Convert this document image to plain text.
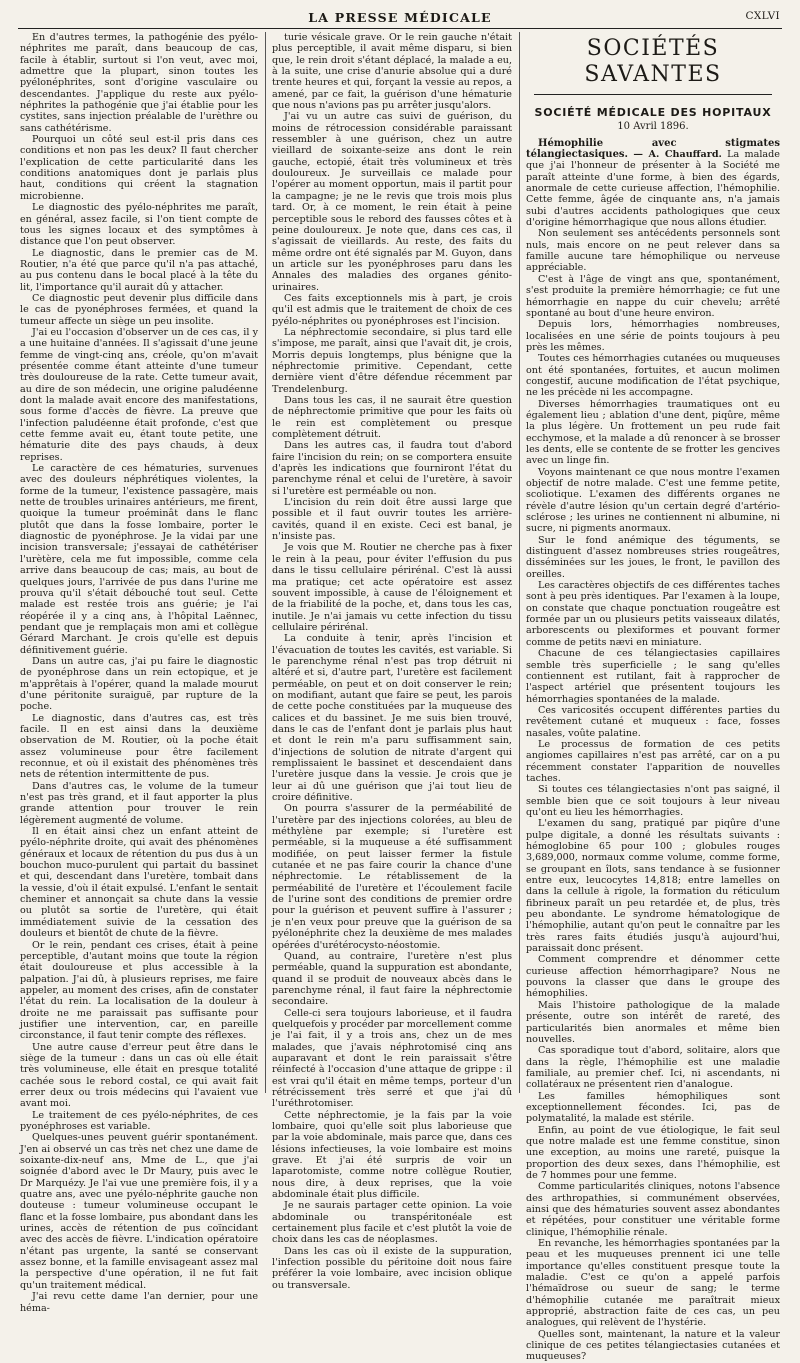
LA PRESSE MÉDICALE	CXLVI

En d'autres termes, la pathogénie des pyélo-néphrites me paraît, dans beaucoup de cas, facile à établir, surtout si l'on veut, avec moi, admettre que la plupart, sinon toutes les pyélonéphrites, sont d'origine vasculaire ou descendantes. J'applique du reste aux pyélo-néphrites la pathogénie que j'ai établie pour les cystites, sans injection préalable de l'urèthre ou sans cathétérisme.

Pourquoi un côté seul est-il pris dans ces conditions et non pas les deux? Il faut chercher l'explication de cette particularité dans les conditions anatomiques dont je parlais plus haut, conditions qui créent la stagnation microbienne.

Le diagnostic des pyélo-néphrites me paraît, en général, assez facile, si l'on tient compte de tous les signes locaux et des symptômes à distance que l'on peut observer.

Le diagnostic, dans le premier cas de M. Routier, n'a été que parce qu'il n'a pas attaché, au pus contenu dans le bocal placé à la tête du lit, l'importance qu'il aurait dû y attacher.

Ce diagnostic peut devenir plus difficile dans le cas de pyonéphroses fermées, et quand la tumeur affecte un siège un peu insolite.

J'ai eu l'occasion d'observer un de ces cas, il y a une huitaine d'années. Il s'agissait d'une jeune femme de vingt-cinq ans, créole, qu'on m'avait présentée comme étant atteinte d'une tumeur très douloureuse de la rate. Cette tumeur avait, au dire de son médecin, une origine paludéenne dont la malade avait encore des manifestations, sous forme d'accès de fièvre. La preuve que l'infection paludéenne était profonde, c'est que cette femme avait eu, étant toute petite, une hématurie dite des pays chauds, à deux reprises.

Le caractère de ces hématuries, survenues avec des douleurs néphrétiques violentes, la forme de la tumeur, l'existence passagère, mais nette de troubles urinaires antérieurs, me firent, quoique la tumeur proéminât dans le flanc plutôt que dans la fosse lombaire, porter le diagnostic de pyonéphrose. Je la vidai par une incision transversale; j'essayai de cathétériser l'urètère, cela me fut impossible, comme cela arrive dans beaucoup de cas; mais, au bout de quelques jours, l'arrivée de pus dans l'urine me prouva qu'il s'était débouché tout seul. Cette malade est restée trois ans guérie; je l'ai réopérée il y a cinq ans, à l'hôpital Laënnec, pendant que je remplaçais mon ami et collègue Gérard Marchant. Je crois qu'elle est depuis définitivement guérie.

Dans un autre cas, j'ai pu faire le diagnostic de pyonéphrose dans un rein ectopique, et je m'apprêtais à l'opérer, quand la malade mourut d'une péritonite suraiguë, par rupture de la poche.

Le diagnostic, dans d'autres cas, est très facile. Il en est ainsi dans la deuxième observation de M. Routier, où la poche était assez volumineuse pour être facilement reconnue, et où il existait des phénomènes très nets de rétention intermittente de pus.

Dans d'autres cas, le volume de la tumeur n'est pas très grand, et il faut apporter la plus grande attention pour trouver le rein légèrement augmenté de volume.

Il en était ainsi chez un enfant atteint de pyélo-néphrite droite, qui avait des phénomènes généraux et locaux de rétention du pus dus à un bouchon muco-purulent qui partait du bassinet et qui, descendant dans l'uretère, tombait dans la vessie, d'où il était expulsé. L'enfant le sentait cheminer et annonçait sa chute dans la vessie ou plutôt sa sortie de l'uretère, qui était immédiatement suivie de la cessation des douleurs et bientôt de chute de la fièvre.

Or le rein, pendant ces crises, était à peine perceptible, d'autant moins que toute la région était douloureuse et plus accessible à la palpation. J'ai dû, à plusieurs reprises, me faire appeler, au moment des crises, afin de constater l'état du rein. La localisation de la douleur à droite ne me paraissait pas suffisante pour justifier une intervention, car, en pareille circonstance, il faut tenir compte des réflexes.

Une autre cause d'erreur peut être dans le siège de la tumeur : dans un cas où elle était très volumineuse, elle était en presque totalité cachée sous le rebord costal, ce qui avait fait errer deux ou trois médecins qui l'avaient vue avant moi.

Le traitement de ces pyélo-néphrites, de ces pyonéphroses est variable.

Quelques-unes peuvent guérir spontanément. J'en ai observé un cas très net chez une dame de soixante-dix-neuf ans, Mme de L., que j'ai soignée d'abord avec le Dr Maury, puis avec le Dr Marquézy. Je l'ai vue une première fois, il y a quatre ans, avec une pyélo-néphrite gauche non douteuse : tumeur volumineuse occupant le flanc et la fosse lombaire, pus abondant dans les urines, accès de rétention de pus coïncidant avec des accès de fièvre. L'indication opératoire n'étant pas urgente, la santé se conservant assez bonne, et la famille envisageant assez mal la perspective d'une opération, il ne fut fait qu'un traitement médical.

J'ai revu cette dame l'an dernier, pour une héma-

turie vésicale grave. Or le rein gauche n'était plus perceptible, il avait même disparu, si bien que, le rein droit s'étant déplacé, la malade a eu, à la suite, une crise d'anurie absolue qui a duré trente heures et qui, forçant la vessie au repos, a amené, par ce fait, la guérison d'une hématurie que nous n'avions pas pu arrêter jusqu'alors.

J'ai vu un autre cas suivi de guérison, du moins de rétrocession considérable paraissant ressembler à une guérison, chez un autre vieillard de soixante-seize ans dont le rein gauche, ectopié, était très volumineux et très douloureux. Je surveillais ce malade pour l'opérer au moment opportun, mais il partit pour la campagne; je ne le revis que trois mois plus tard. Or, à ce moment, le rein était à peine perceptible sous le rebord des fausses côtes et à peine douloureux. Je note que, dans ces cas, il s'agissait de vieillards. Au reste, des faits du même ordre ont été signalés par M. Guyon, dans un article sur les pyonéphroses paru dans les Annales des maladies des organes génito-urinaires.

Ces faits exceptionnels mis à part, je crois qu'il est admis que le traitement de choix de ces pyélo-néphrites ou pyonéphroses est l'incision.

La néphrectomie secondaire, si plus tard elle s'impose, me paraît, ainsi que l'avait dit, je crois, Morris depuis longtemps, plus bénigne que la néphrectomie primitive. Cependant, cette dernière vient d'être défendue récemment par Trendelenburg.

Dans tous les cas, il ne saurait être question de néphrectomie primitive que pour les faits où le rein est complètement ou presque complètement détruit.

Dans les autres cas, il faudra tout d'abord faire l'incision du rein; on se comportera ensuite d'après les indications que fourniront l'état du parenchyme rénal et celui de l'uretère, à savoir si l'uretère est perméable ou non.

L'incision du rein doit être aussi large que possible et il faut ouvrir toutes les arrière-cavités, quand il en existe. Ceci est banal, je n'insiste pas.

Je vois que M. Routier ne cherche pas à fixer le rein à la peau, pour éviter l'effusion du pus dans le tissu cellulaire périrénal. C'est là aussi ma pratique; cet acte opératoire est assez souvent impossible, à cause de l'éloignement et de la friabilité de la poche, et, dans tous les cas, inutile. Je n'ai jamais vu cette infection du tissu cellulaire périrénal.

La conduite à tenir, après l'incision et l'évacuation de toutes les cavités, est variable. Si le parenchyme rénal n'est pas trop détruit ni altéré et si, d'autre part, l'uretère est facilement perméable, on peut et on doit conserver le rein; on modifiant, autant que faire se peut, les parois de cette poche constituées par la muqueuse des calices et du bassinet. Je me suis bien trouvé, dans le cas de l'enfant dont je parlais plus haut et dont le rein m'a paru suffisamment sain, d'injections de solution de nitrate d'argent qui remplissaient le bassinet et descendaient dans l'uretère jusque dans la vessie. Je crois que je leur ai dû une guérison que j'ai tout lieu de croire définitive.

On pourra s'assurer de la perméabilité de l'uretère par des injections colorées, au bleu de méthylène par exemple; si l'uretère est perméable, si la muqueuse a été suffisamment modifiée, on peut laisser fermer la fistule cutanée et ne pas faire courir la chance d'une néphrectomie. Le rétablissement de la perméabilité de l'uretère et l'écoulement facile de l'urine sont des conditions de premier ordre pour la guérison et peuvent suffire à l'assurer ; je n'en veux pour preuve que la guérison de sa pyélonéphrite chez la deuxième de mes malades opérées d'urétérocysto-néostomie.

Quand, au contraire, l'uretère n'est plus perméable, quand la suppuration est abondante, quand il se produit de nouveaux abcès dans le parenchyme rénal, il faut faire la néphrectomie secondaire.

Celle-ci sera toujours laborieuse, et il faudra quelquefois y procéder par morcellement comme je l'ai fait, il y a trois ans, chez un de mes malades, que j'avais néphrotomisé cinq ans auparavant et dont le rein paraissait s'être réinfecté à l'occasion d'une attaque de grippe : il est vrai qu'il était en même temps, porteur d'un rétrécissement très serré et que j'ai dû l'uréthrotomiser.

Cette néphrectomie, je la fais par la voie lombaire, quoi qu'elle soit plus laborieuse que par la voie abdominale, mais parce que, dans ces lésions infectieuses, la voie lombaire est moins grave. Et j'ai été surpris de voir un laparotomiste, comme notre collègue Routier, nous dire, à deux reprises, que la voie abdominale était plus difficile.

Je ne saurais partager cette opinion. La voie abdominale ou transpéritonéale est certainement plus facile et c'est plutôt la voie de choix dans les cas de néoplasmes.

Dans les cas où il existe de la suppuration, l'infection possible du péritoine doit nous faire préférer la voie lombaire, avec incision oblique ou transversale.

SOCIÉTÉS SAVANTES
SOCIÉTÉ MÉDICALE DES HOPITAUX
10 Avril 1896.

Hémophilie avec stigmates télangiectasiques. — A. Chauffard. La malade que j'ai l'honneur de présenter à la Société me paraît atteinte d'une forme, à bien des égards, anormale de cette curieuse affection, l'hémophilie. Cette femme, âgée de cinquante ans, n'a jamais subi d'autres accidents pathologiques que ceux d'origine hémorrhagique que nous allons étudier.

Non seulement ses antécédents personnels sont nuls, mais encore on ne peut relever dans sa famille aucune tare hémophilique ou nerveuse appréciable.

C'est à l'âge de vingt ans que, spontanément, s'est produite la première hémorrhagie; ce fut une hémorrhagie en nappe du cuir chevelu; arrêté spontané au bout d'une heure environ.

Depuis lors, hémorrhagies nombreuses, localisées en une série de points toujours à peu près les mêmes.

Toutes ces hémorrhagies cutanées ou muqueuses ont été spontanées, fortuites, et aucun molimen congestif, aucune modification de l'état psychique, ne les précède ni les accompagne.

Diverses hémorrhagies traumatiques ont eu également lieu ; ablation d'une dent, piqûre, même la plus légère. Un frottement un peu rude fait ecchymose, et la malade a dû renoncer à se brosser les dents, elle se contente de se frotter les gencives avec un linge fin.

Voyons maintenant ce que nous montre l'examen objectif de notre malade. C'est une femme petite, scoliotique. L'examen des différents organes ne révèle d'autre lésion qu'un certain degré d'artério-sclérose ; les urines ne contiennent ni albumine, ni sucre, ni pigments anormaux.

Sur le fond anémique des téguments, se distinguent d'assez nombreuses stries rougeâtres, disséminées sur les joues, le front, le pavillon des oreilles.

Les caractères objectifs de ces différentes taches sont à peu près identiques. Par l'examen à la loupe, on constate que chaque ponctuation rougeâtre est formée par un ou plusieurs petits vaisseaux dilatés, arborescents ou plexiformes et pouvant former comme de petits nævi en miniature.

Chacune de ces télangiectasies capillaires semble très superficielle ; le sang qu'elles contiennent est rutilant, fait à rapprocher de l'aspect artériel que présentent toujours les hémorrhagies spontanées de la malade.

Ces varicosités occupent différentes parties du revêtement cutané et muqueux : face, fosses nasales, voûte palatine.

Le processus de formation de ces petits angiomes capillaires n'est pas arrêté, car on a pu récemment constater l'apparition de nouvelles taches.

Si toutes ces télangiectasies n'ont pas saigné, il semble bien que ce soit toujours à leur niveau qu'ont eu lieu les hémorrhagies.

L'examen du sang, pratiqué par piqûre d'une pulpe digitale, a donné les résultats suivants : hémoglobine 65 pour 100 ; globules rouges 3,689,000, normaux comme volume, comme forme, se groupant en îlots, sans tendance à se fusionner entre eux, leucocytes 14,818; entre lamelles on dans la cellule à rigole, la formation du réticulum fibrineux paraît un peu retardée et, de plus, très peu abondante. Le syndrome hématologique de l'hémophilie, autant qu'on peut le connaître par les très rares faits étudiés jusqu'à aujourd'hui, paraissait donc présent.

Comment comprendre et dénommer cette curieuse affection hémorrhagipare? Nous ne pouvons la classer que dans le groupe des hémophilies.

Mais l'histoire pathologique de la malade présente, outre son intérêt de rareté, des particularités bien anormales et même bien nouvelles.

Cas sporadique tout d'abord, solitaire, alors que dans la règle, l'hémophilie est une maladie familiale, au premier chef. Ici, ni ascendants, ni collatéraux ne présentent rien d'analogue.

Les familles hémophiliques sont exceptionnellement fécondes. Ici, pas de polymatalité, la malade est stérile.

Enfin, au point de vue étiologique, le fait seul que notre malade est une femme constitue, sinon une exception, au moins une rareté, puisque la proportion des deux sexes, dans l'hémophilie, est de 7 hommes pour une femme.

Comme particularités cliniques, notons l'absence des arthropathies, si communément observées, ainsi que des hématuries souvent assez abondantes et répétées, pour constituer une véritable forme clinique, l'hémophilie rénale.

En revanche, les hémorrhagies spontanées par la peau et les muqueuses prennent ici une telle importance qu'elles constituent presque toute la maladie. C'est ce qu'on a appelé parfois l'hémaïdrose ou sueur de sang; le terme d'hémophilie cutanée me paraîtrait mieux approprié, abstraction faite de ces cas, un peu analogues, qui relèvent de l'hystérie.

Quelles sont, maintenant, la nature et la valeur clinique de ces petites télangiectasies cutanées et muqueuses?
